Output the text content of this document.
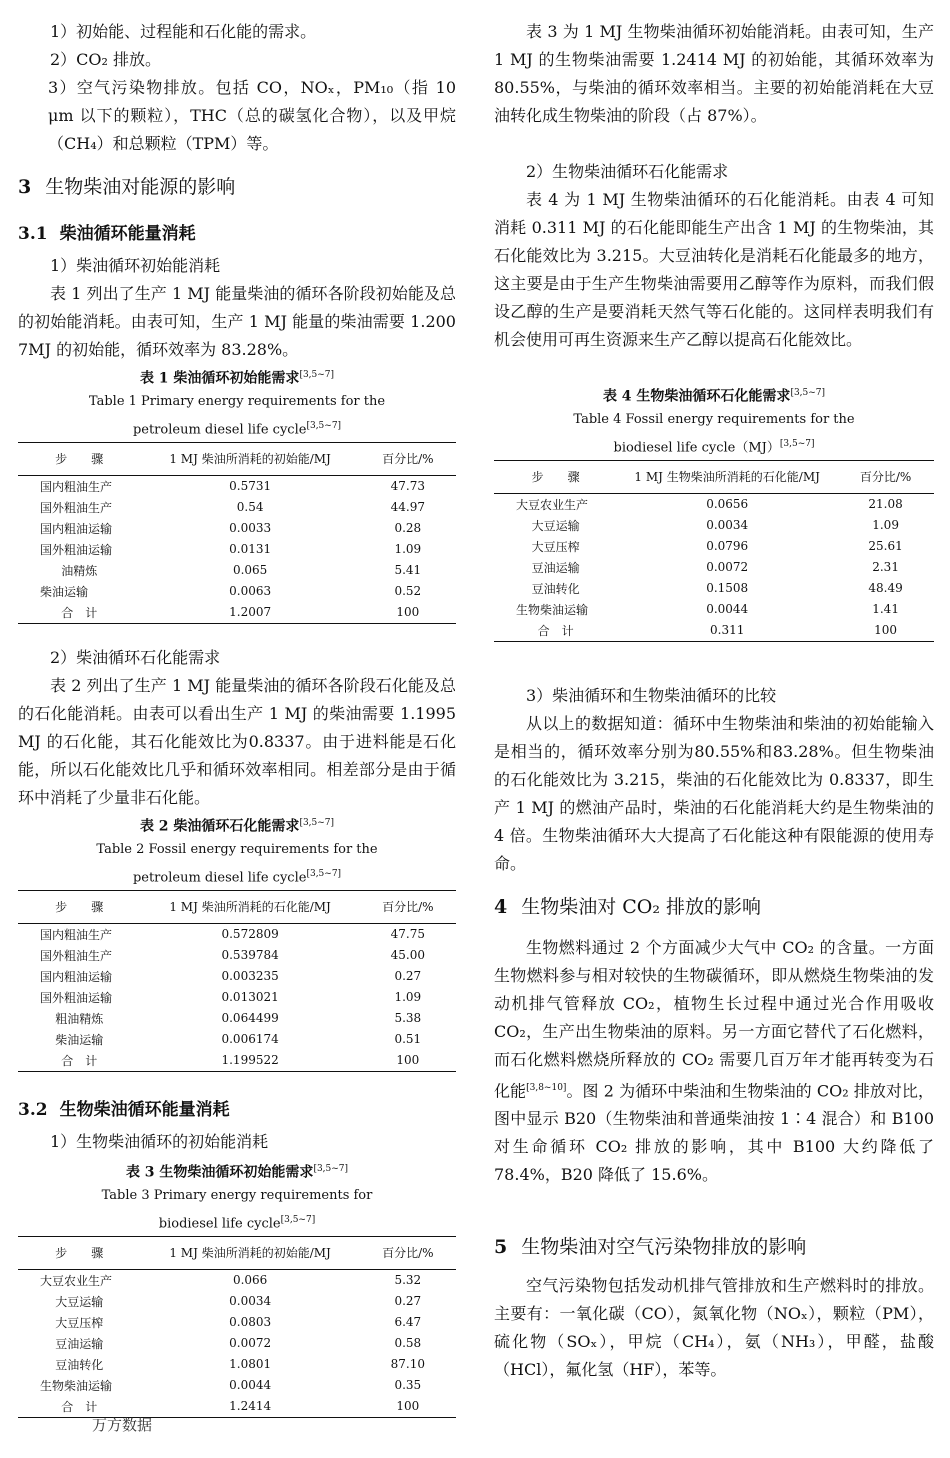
1）初始能、过程能和石化能的需求。

2）CO₂ 排放。

3）空气污染物排放。包括 CO，NOₓ，PM₁₀（指 10 μm 以下的颗粒），THC（总的碳氢化合物），以及甲烷（CH₄）和总颗粒（TPM）等。

3 生物柴油对能源的影响
3.1 柴油循环能量消耗

1）柴油循环初始能消耗

表 1 列出了生产 1 MJ 能量柴油的循环各阶段初始能及总的初始能消耗。由表可知，生产 1 MJ 能量的柴油需要 1.200 7MJ 的初始能，循环效率为 83.28%。

表 1 柴油循环初始能需求[3,5~7]
Table 1 Primary energy requirements for the
petroleum diesel life cycle[3,5~7]
步　　骤	1 MJ 柴油所消耗的初始能/MJ	百分比/%
国内粗油生产	0.5731	47.73
国外粗油生产	0.54	44.97
国内粗油运输	0.0033	0.28
国外粗油运输	0.0131	1.09
油精炼	0.065	5.41
柴油运输	0.0063	0.52
合　计	1.2007	100

2）柴油循环石化能需求

表 2 列出了生产 1 MJ 能量柴油的循环各阶段石化能及总的石化能消耗。由表可以看出生产 1 MJ 的柴油需要 1.1995 MJ 的石化能，其石化能效比为0.8337。由于进料能是石化能，所以石化能效比几乎和循环效率相同。相差部分是由于循环中消耗了少量非石化能。

表 2 柴油循环石化能需求[3,5~7]
Table 2 Fossil energy requirements for the
petroleum diesel life cycle[3,5~7]
步　　骤	1 MJ 柴油所消耗的石化能/MJ	百分比/%
国内粗油生产	0.572809	47.75
国外粗油生产	0.539784	45.00
国内粗油运输	0.003235	0.27
国外粗油运输	0.013021	1.09
粗油精炼	0.064499	5.38
柴油运输	0.006174	0.51
合　计	1.199522	100
3.2 生物柴油循环能量消耗

1）生物柴油循环的初始能消耗

表 3 生物柴油循环初始能需求[3,5~7]
Table 3 Primary energy requirements for
biodiesel life cycle[3,5~7]
步　　骤	1 MJ 柴油所消耗的初始能/MJ	百分比/%
大豆农业生产	0.066	5.32
大豆运输	0.0034	0.27
大豆压榨	0.0803	6.47
豆油运输	0.0072	0.58
豆油转化	1.0801	87.10
生物柴油运输	0.0044	0.35
合　计	1.2414	100
万方数据

表 3 为 1 MJ 生物柴油循环初始能消耗。由表可知，生产 1 MJ 的生物柴油需要 1.2414 MJ 的初始能，其循环效率为 80.55%，与柴油的循环效率相当。主要的初始能消耗在大豆油转化成生物柴油的阶段（占 87%）。

2）生物柴油循环石化能需求

表 4 为 1 MJ 生物柴油循环的石化能消耗。由表 4 可知消耗 0.311 MJ 的石化能即能生产出含 1 MJ 的生物柴油，其石化能效比为 3.215。大豆油转化是消耗石化能最多的地方，这主要是由于生产生物柴油需要用乙醇等作为原料，而我们假设乙醇的生产是要消耗天然气等石化能的。这同样表明我们有机会使用可再生资源来生产乙醇以提高石化能效比。

表 4 生物柴油循环石化能需求[3,5~7]
Table 4 Fossil energy requirements for the
biodiesel life cycle（MJ）[3,5~7]
步　　骤	1 MJ 生物柴油所消耗的石化能/MJ	百分比/%
大豆农业生产	0.0656	21.08
大豆运输	0.0034	1.09
大豆压榨	0.0796	25.61
豆油运输	0.0072	2.31
豆油转化	0.1508	48.49
生物柴油运输	0.0044	1.41
合　计	0.311	100

3）柴油循环和生物柴油循环的比较

从以上的数据知道：循环中生物柴油和柴油的初始能输入是相当的，循环效率分别为80.55%和83.28%。但生物柴油的石化能效比为 3.215，柴油的石化能效比为 0.8337，即生产 1 MJ 的燃油产品时，柴油的石化能消耗大约是生物柴油的 4 倍。生物柴油循环大大提高了石化能这种有限能源的使用寿命。

4 生物柴油对 CO₂ 排放的影响

生物燃料通过 2 个方面减少大气中 CO₂ 的含量。一方面生物燃料参与相对较快的生物碳循环，即从燃烧生物柴油的发动机排气管释放 CO₂，植物生长过程中通过光合作用吸收 CO₂，生产出生物柴油的原料。另一方面它替代了石化燃料，而石化燃料燃烧所释放的 CO₂ 需要几百万年才能再转变为石化能[3,8~10]。图 2 为循环中柴油和生物柴油的 CO₂ 排放对比，图中显示 B20（生物柴油和普通柴油按 1∶4 混合）和 B100 对生命循环 CO₂ 排放的影响，其中 B100 大约降低了 78.4%，B20 降低了 15.6%。

5 生物柴油对空气污染物排放的影响

空气污染物包括发动机排气管排放和生产燃料时的排放。主要有：一氧化碳（CO），氮氧化物（NOₓ），颗粒（PM），硫化物（SOₓ），甲烷（CH₄），氨（NH₃），甲醛，盐酸（HCl），氟化氢（HF），苯等。
